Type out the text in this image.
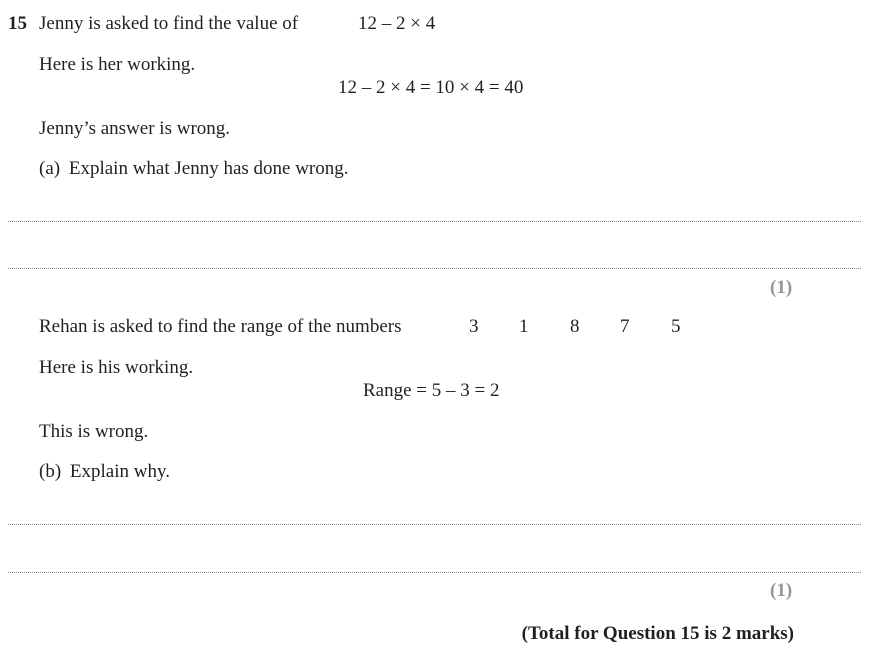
15 Jenny is asked to find the value of	12 – 2 × 4
Here is her working.
12 – 2 × 4 = 10 × 4 = 40
Jenny’s answer is wrong.
(a) Explain what Jenny has done wrong.
(1)
Rehan is asked to find the range of the numbers	3 1 8 7 5
Here is his working.
Range = 5 – 3 = 2
This is wrong.
(b) Explain why.
(1)
(Total for Question 15 is 2 marks)
